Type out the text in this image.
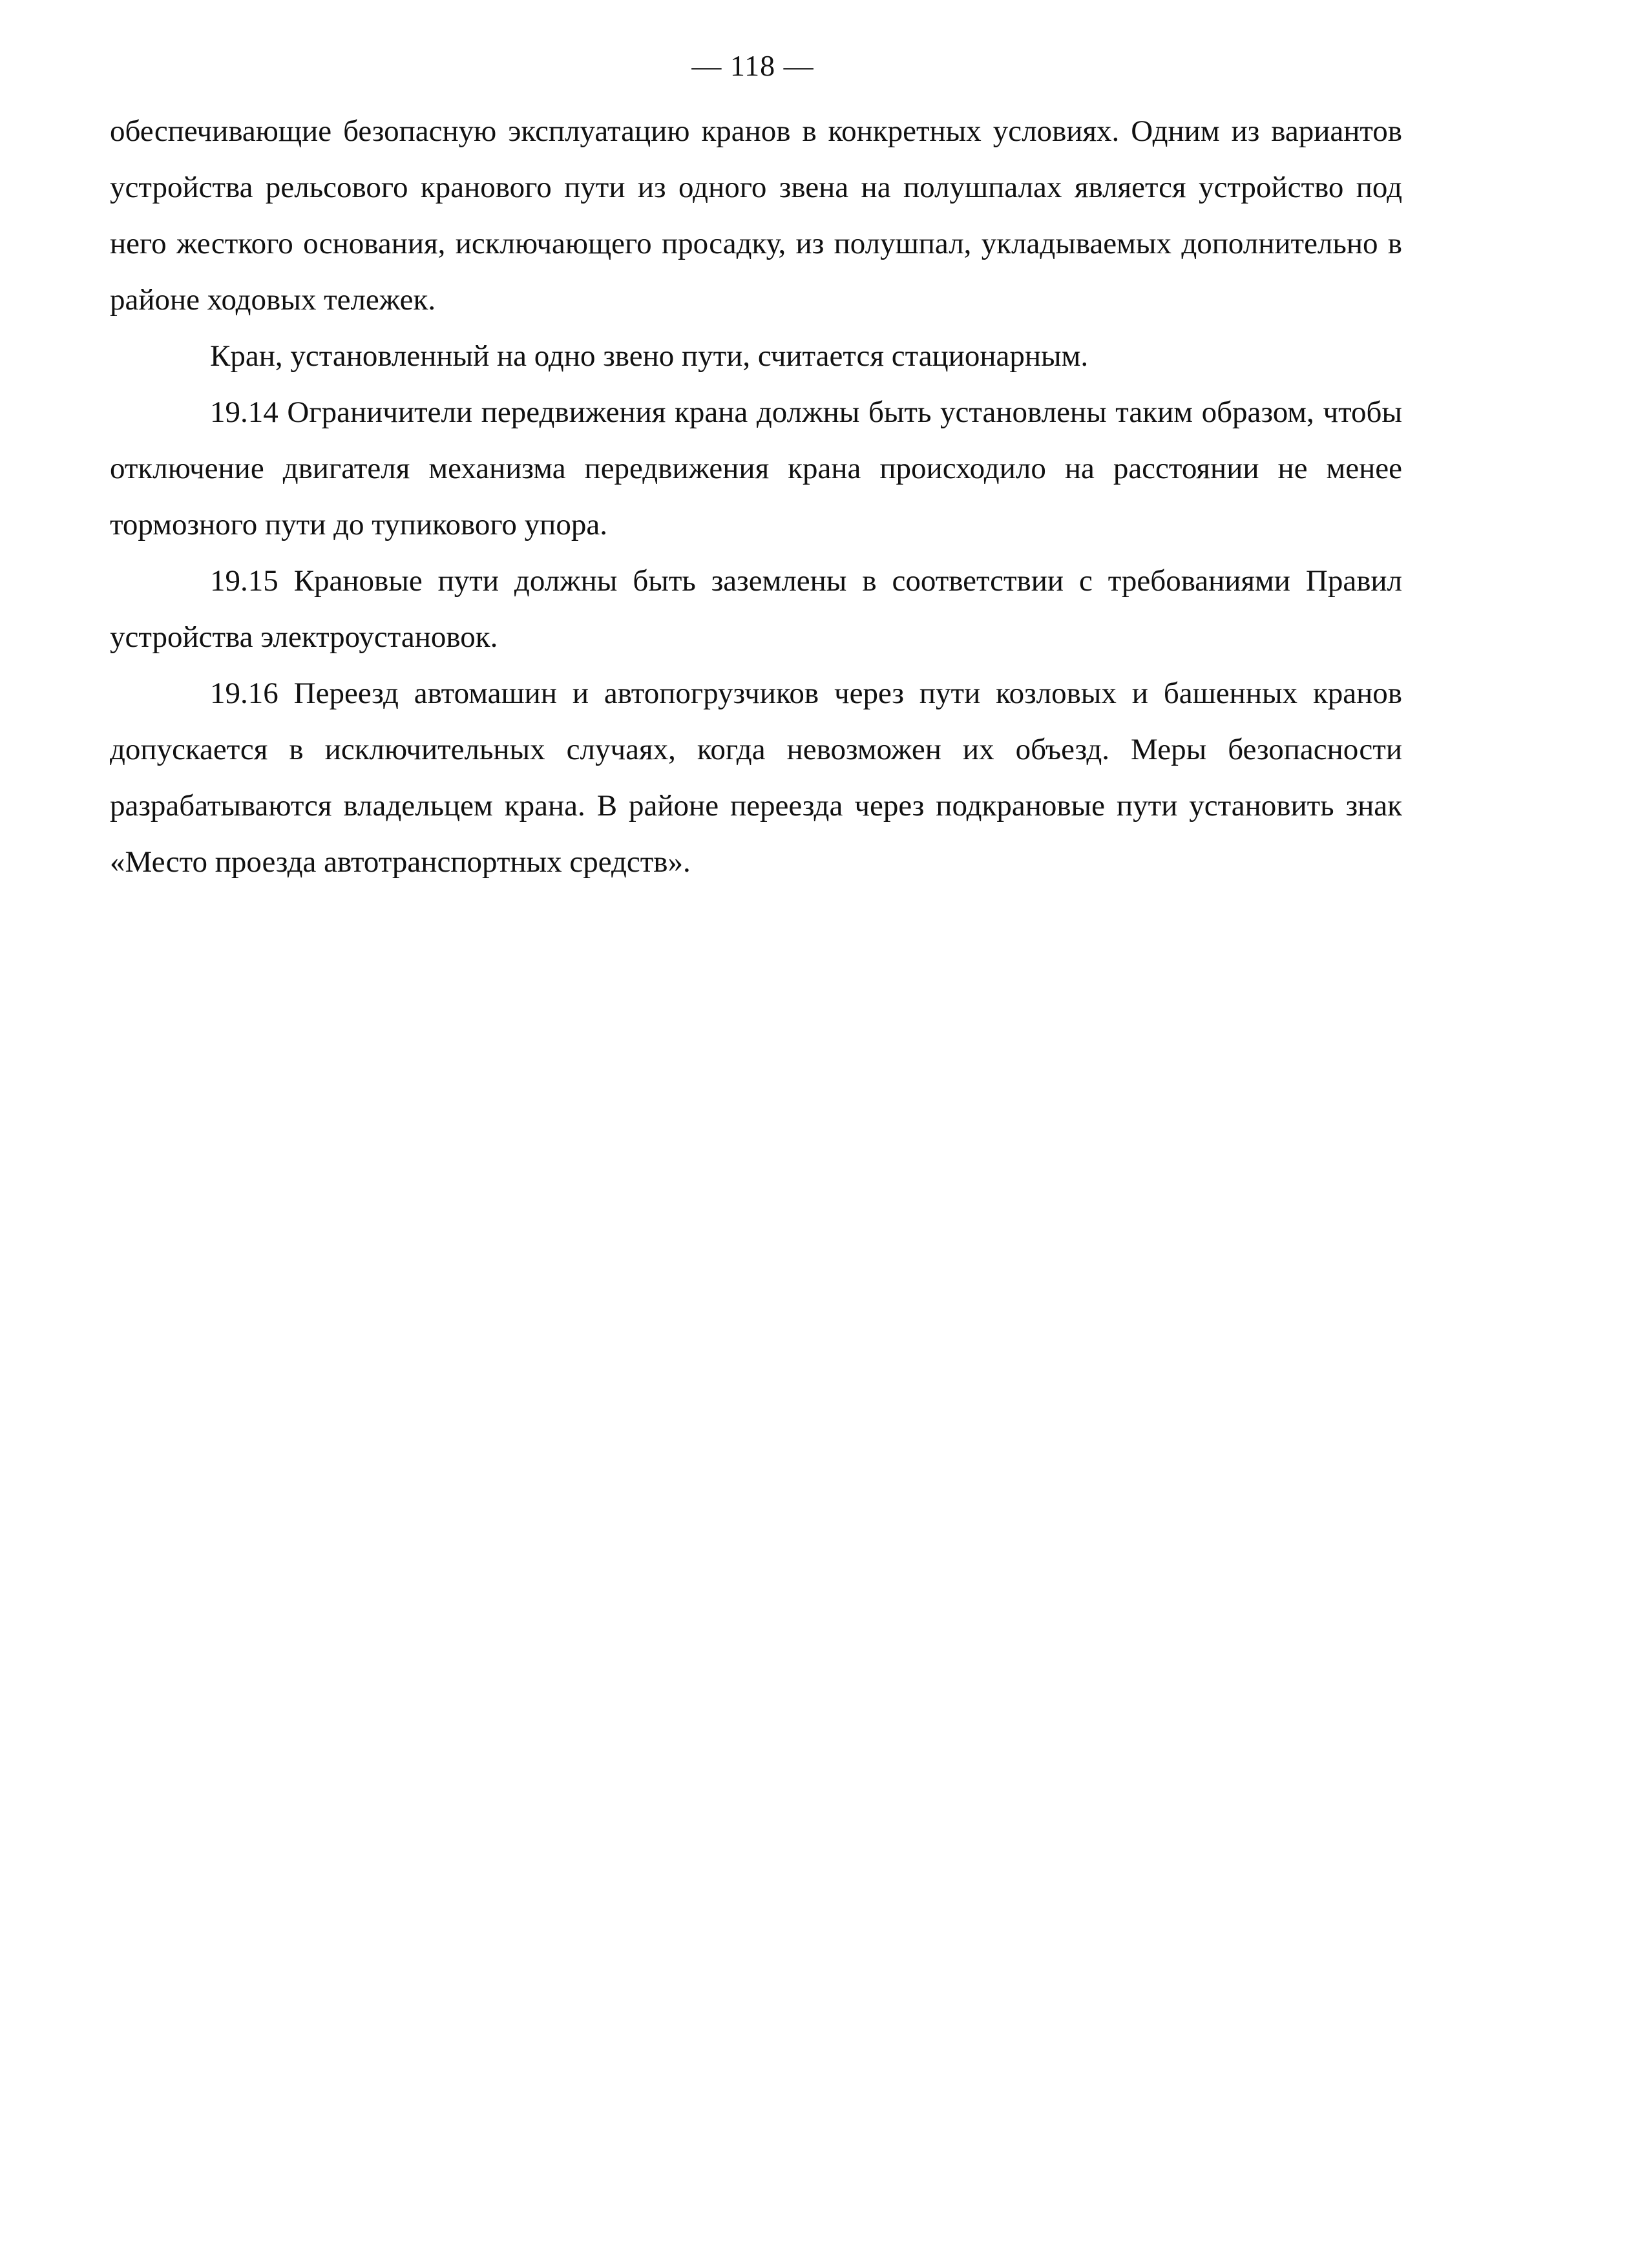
— 118 —

обеспечивающие безопасную эксплуатацию кранов в конкретных условиях. Одним из вариантов устройства рельсового кранового пути из одного звена на полушпалах является устройство под него жесткого основания, исключающего просадку, из полушпал, укладываемых дополнительно в районе ходовых тележек.

Кран, установленный на одно звено пути, считается стационарным.

19.14 Ограничители передвижения крана должны быть установлены таким образом, чтобы отключение двигателя механизма передвижения крана происходило на расстоянии не менее тормозного пути до тупикового упора.

19.15 Крановые пути должны быть заземлены в соответствии с требованиями Правил устройства электроустановок.

19.16 Переезд автомашин и автопогрузчиков через пути козловых и башенных кранов допускается в исключительных случаях, когда невозможен их объезд. Меры безопасности разрабатываются владельцем крана. В районе переезда через подкрановые пути установить знак «Место проезда автотранспортных средств».
